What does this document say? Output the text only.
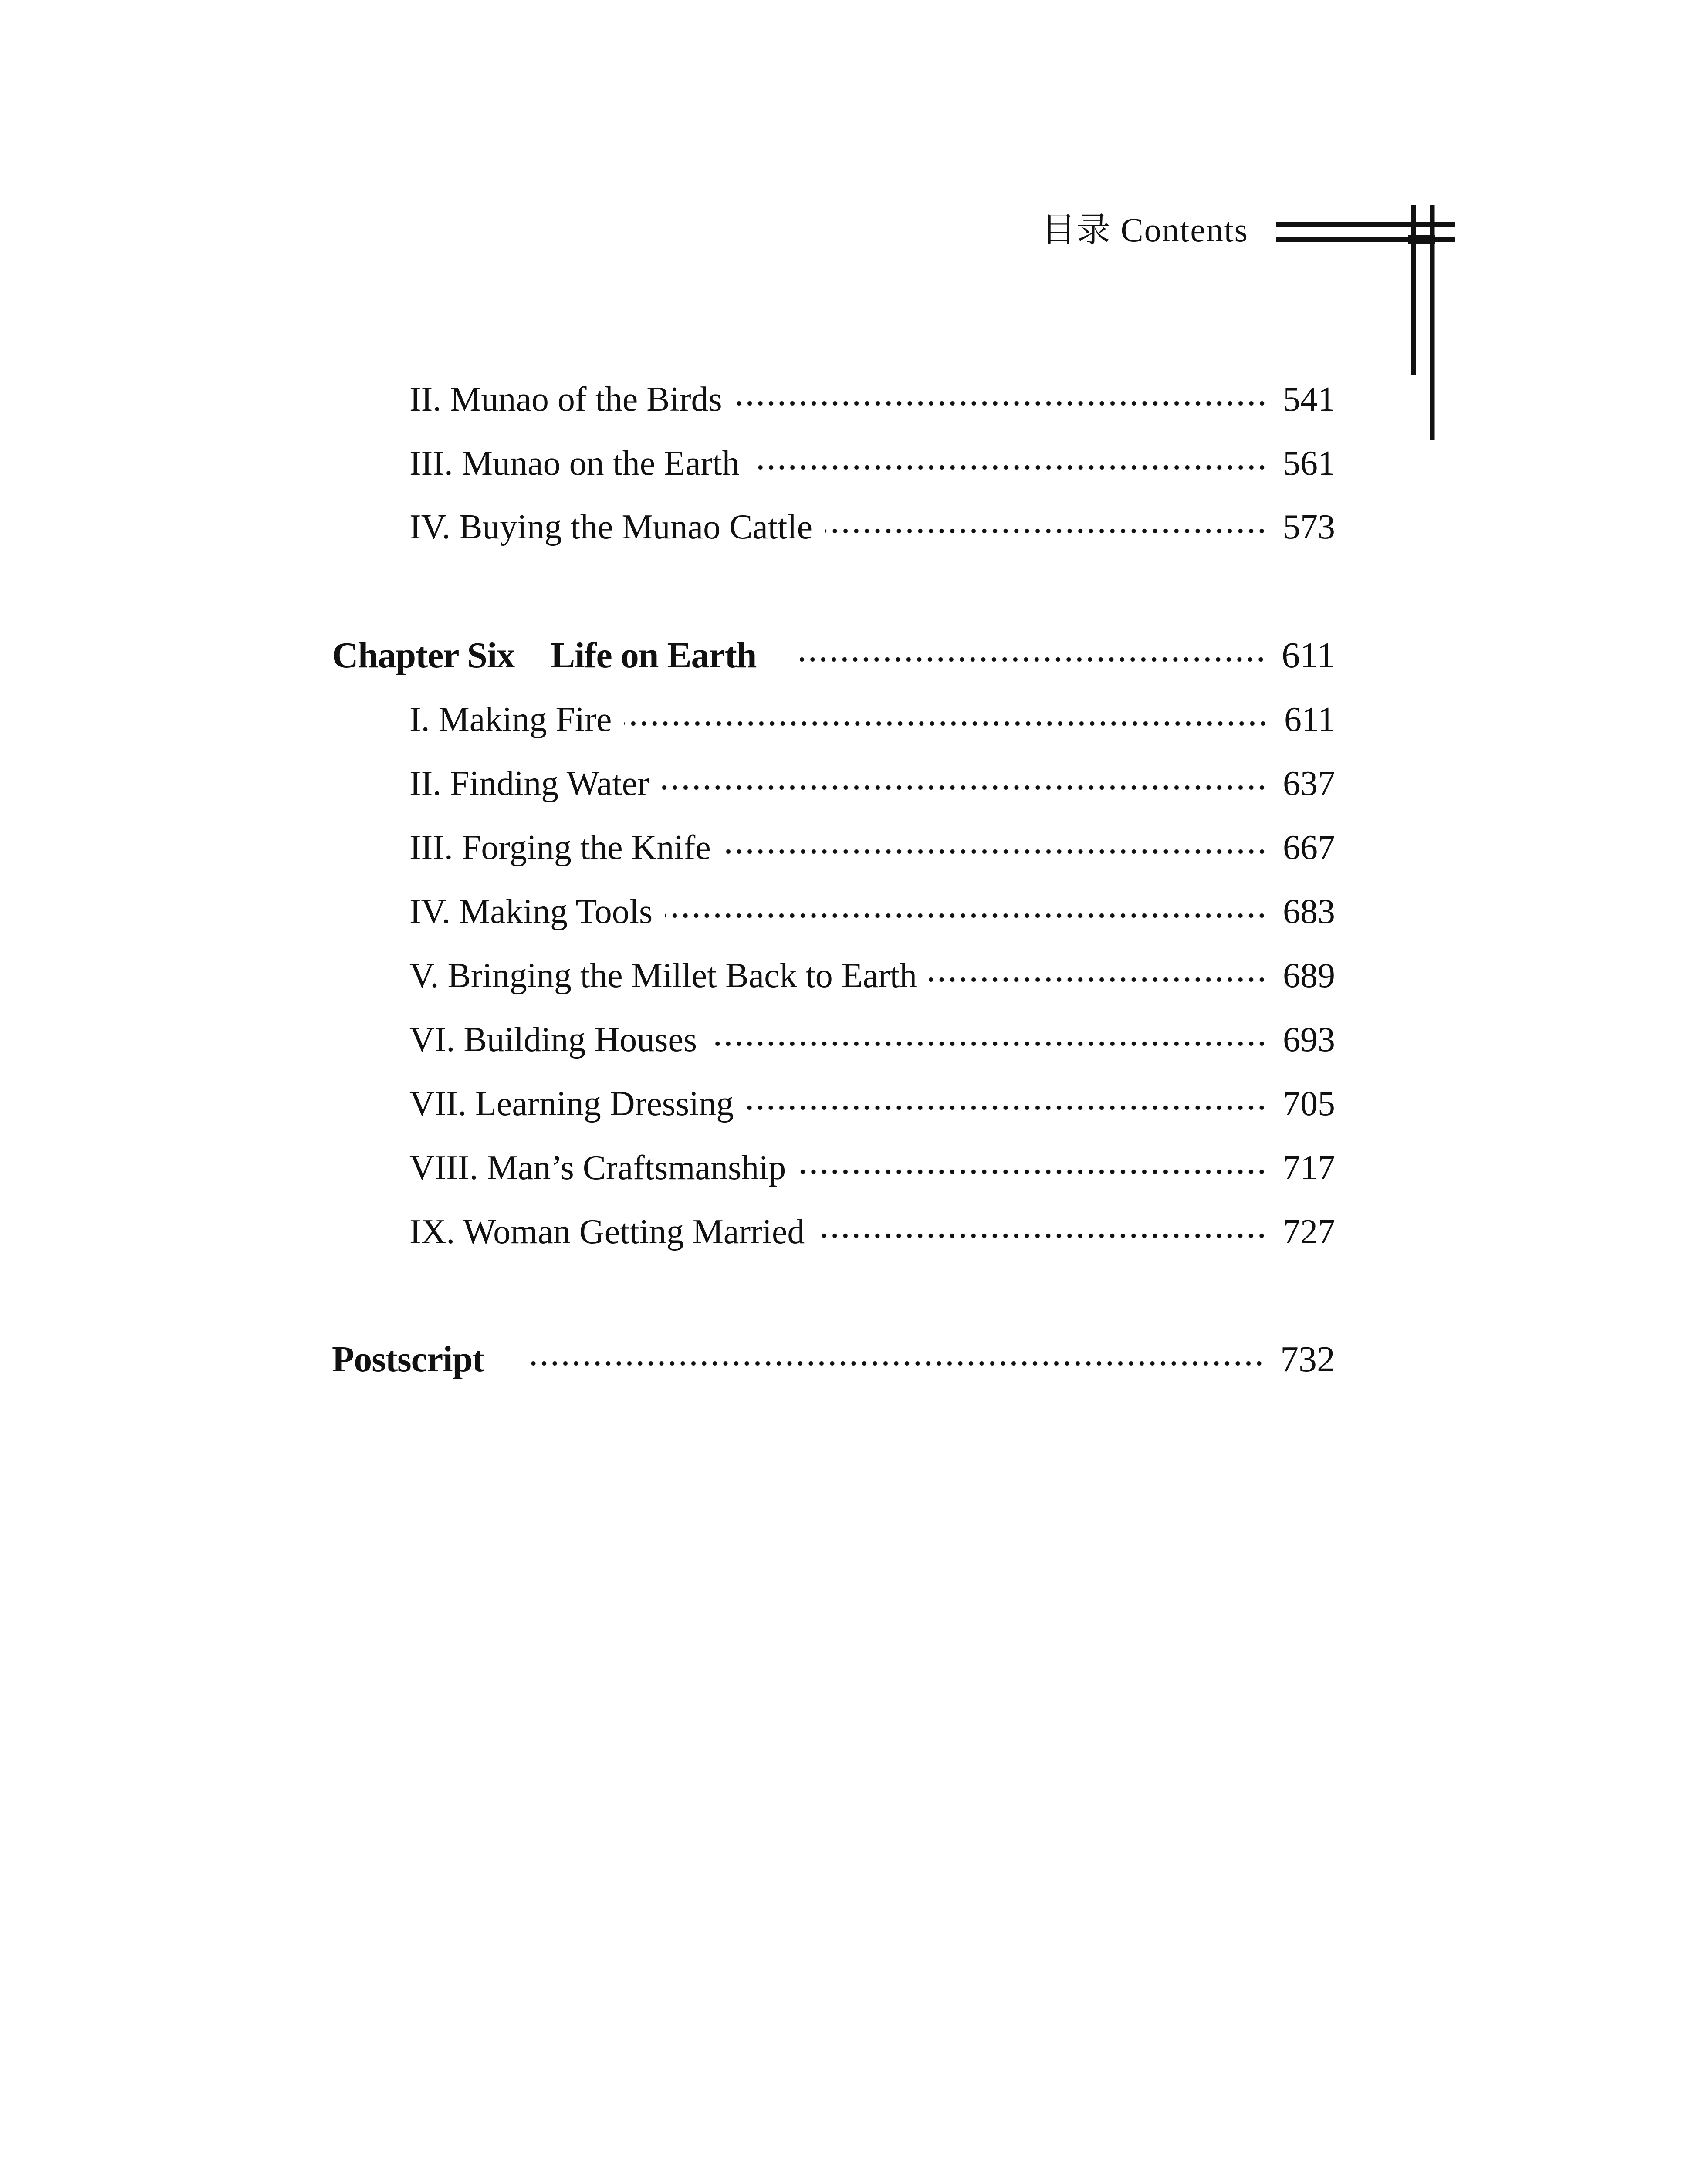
目录 Contents
II. Munao of the Birds	541
III. Munao on the Earth	561
IV. Buying the Munao Cattle	573
Chapter Six Life on Earth	611
I. Making Fire	611
II. Finding Water	637
III. Forging the Knife	667
IV. Making Tools	683
V. Bringing the Millet Back to Earth	689
VI. Building Houses	693
VII. Learning Dressing	705
VIII. Man’s Craftsmanship	717
IX. Woman Getting Married	727
Postscript	732
